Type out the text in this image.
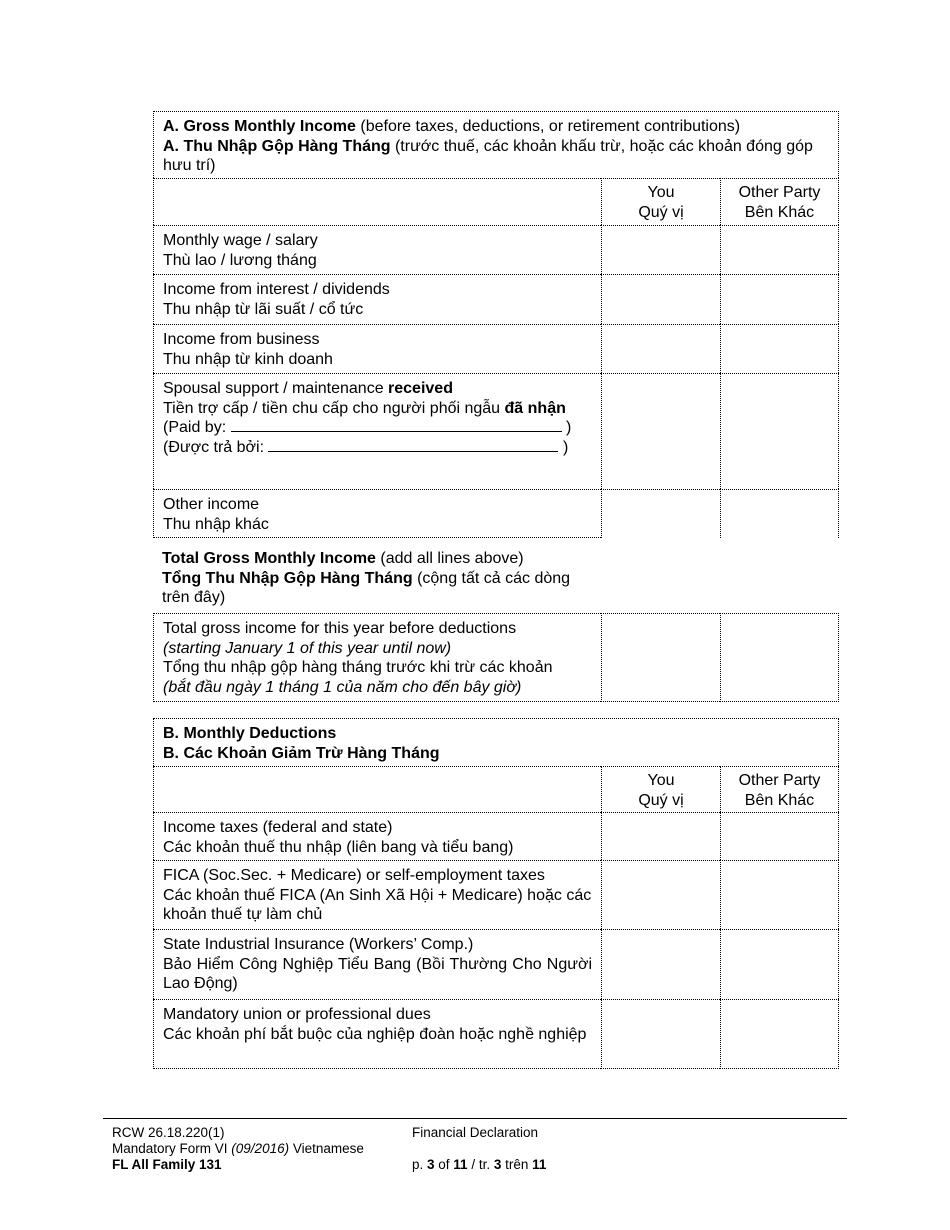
A. Gross Monthly Income (before taxes, deductions, or retirement contributions)
A. Thu Nhập Gộp Hàng Tháng (trước thuế, các khoản khấu trừ, hoặc các khoản đóng góp hưu trí)
You
Quý vị
Other Party
Bên Khác
Monthly wage / salary
Thù lao / lương tháng
Income from interest / dividends
Thu nhập từ lãi suất / cổ tức
Income from business
Thu nhập từ kinh doanh
Spousal support / maintenance received
Tiền trợ cấp / tiền chu cấp cho người phối ngẫu đã nhận
(Paid by:	)
(Được trả bởi:	)
Other income
Thu nhập khác
Total Gross Monthly Income (add all lines above)
Tổng Thu Nhập Gộp Hàng Tháng (cộng tất cả các dòng trên đây)
Total gross income for this year before deductions
(starting January 1 of this year until now)
Tổng thu nhập gộp hàng tháng trước khi trừ các khoản
(bắt đầu ngày 1 tháng 1 của năm cho đến bây giờ)
B. Monthly Deductions
B. Các Khoản Giảm Trừ Hàng Tháng
You
Quý vị
Other Party
Bên Khác
Income taxes (federal and state)
Các khoản thuế thu nhập (liên bang và tiểu bang)
FICA (Soc.Sec. + Medicare) or self-employment taxes
Các khoản thuế FICA (An Sinh Xã Hội + Medicare) hoặc các khoản thuế tự làm chủ
State Industrial Insurance (Workers’ Comp.)
Bảo Hiểm Công Nghiệp Tiểu Bang (Bồi Thường Cho Người Lao Động)
Mandatory union or professional dues
Các khoản phí bắt buộc của nghiệp đoàn hoặc nghề nghiệp
RCW 26.18.220(1)
Mandatory Form VI (09/2016) Vietnamese
FL All Family 131
Financial Declaration
p. 3 of 11 / tr. 3 trên 11
